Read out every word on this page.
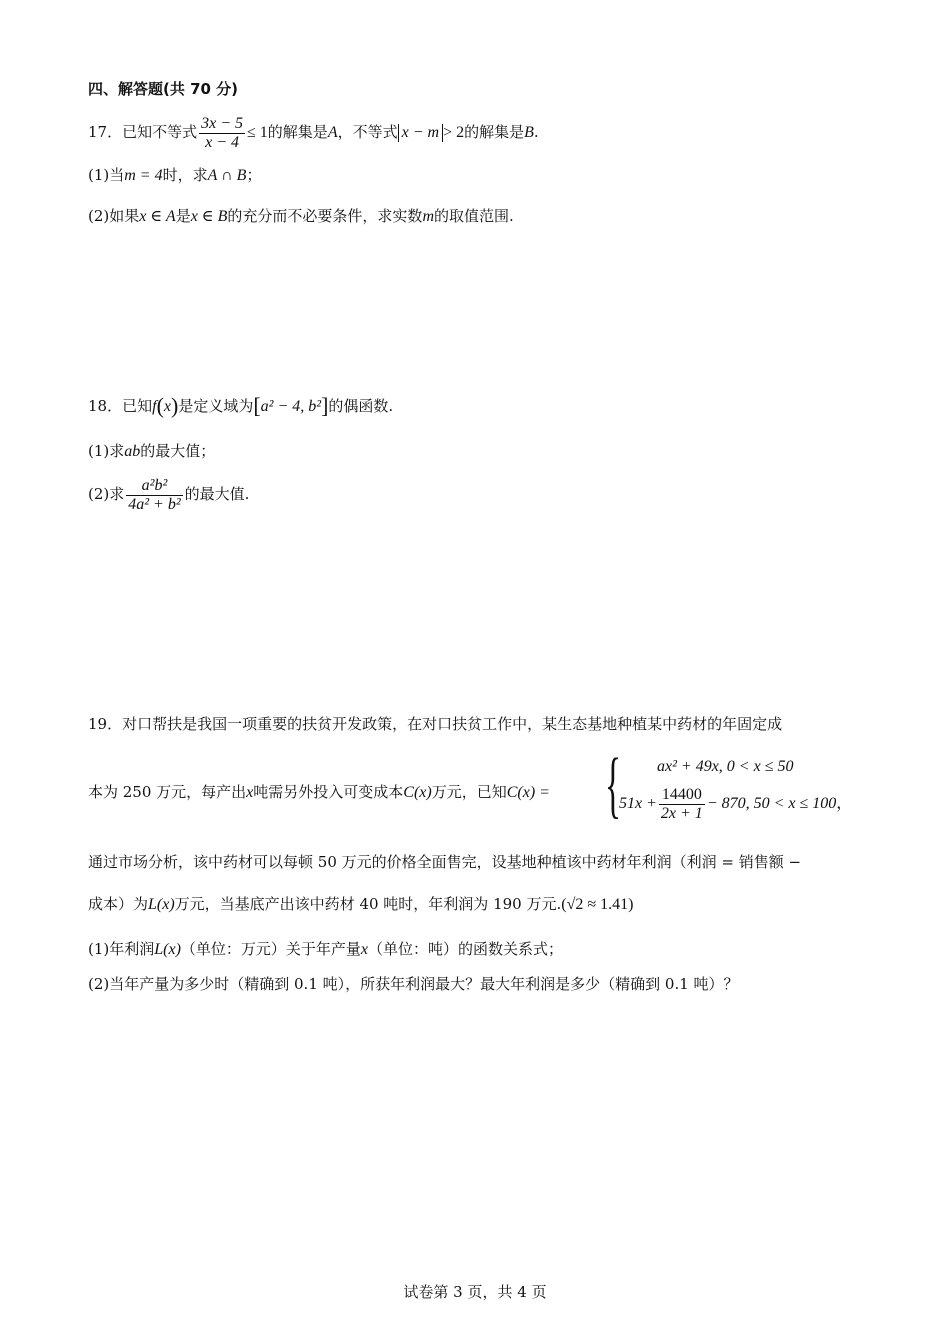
四、解答题(共 70 分)
17．已知不等式 $\frac{3x - 5}{x - 4} \le 1$的解集是A，不等式 x − m > 2的解集是B.
(1)当m = 4时，求A ∩ B；
(2)如果x ∈ A是x ∈ B的充分而不必要条件，求实数m的取值范围.
18．已知f(x)是定义域为[a² − 4, b²]的偶函数.
(1)求ab的最大值；
(2)求 $\frac{\text{a²b²}}{\text{4a² + b²}}$ 的最大值.
19．对口帮扶是我国一项重要的扶贫开发政策，在对口扶贫工作中，某生态基地种植某中药材的年固定成
本为 250 万元，每产出x吨需另外投入可变成本C(x)万元，已知C(x) = { ax² + 49x, 0 < x ≤ 50
$51x + \frac{14400}{2x + 1} - 870$, 50 < x ≤ 100，
通过市场分析，该中药材可以每顿 50 万元的价格全面售完，设基地种植该中药材年利润（利润 = 销售额 −
成本）为L(x)万元，当基底产出该中药材 40 吨时，年利润为 190 万元.(√2 ≈ 1.41)
(1)年利润L(x)（单位：万元）关于年产量x（单位：吨）的函数关系式；
(2)当年产量为多少时（精确到 0.1 吨），所获年利润最大？最大年利润是多少（精确到 0.1 吨）？
试卷第 3 页，共 4 页
